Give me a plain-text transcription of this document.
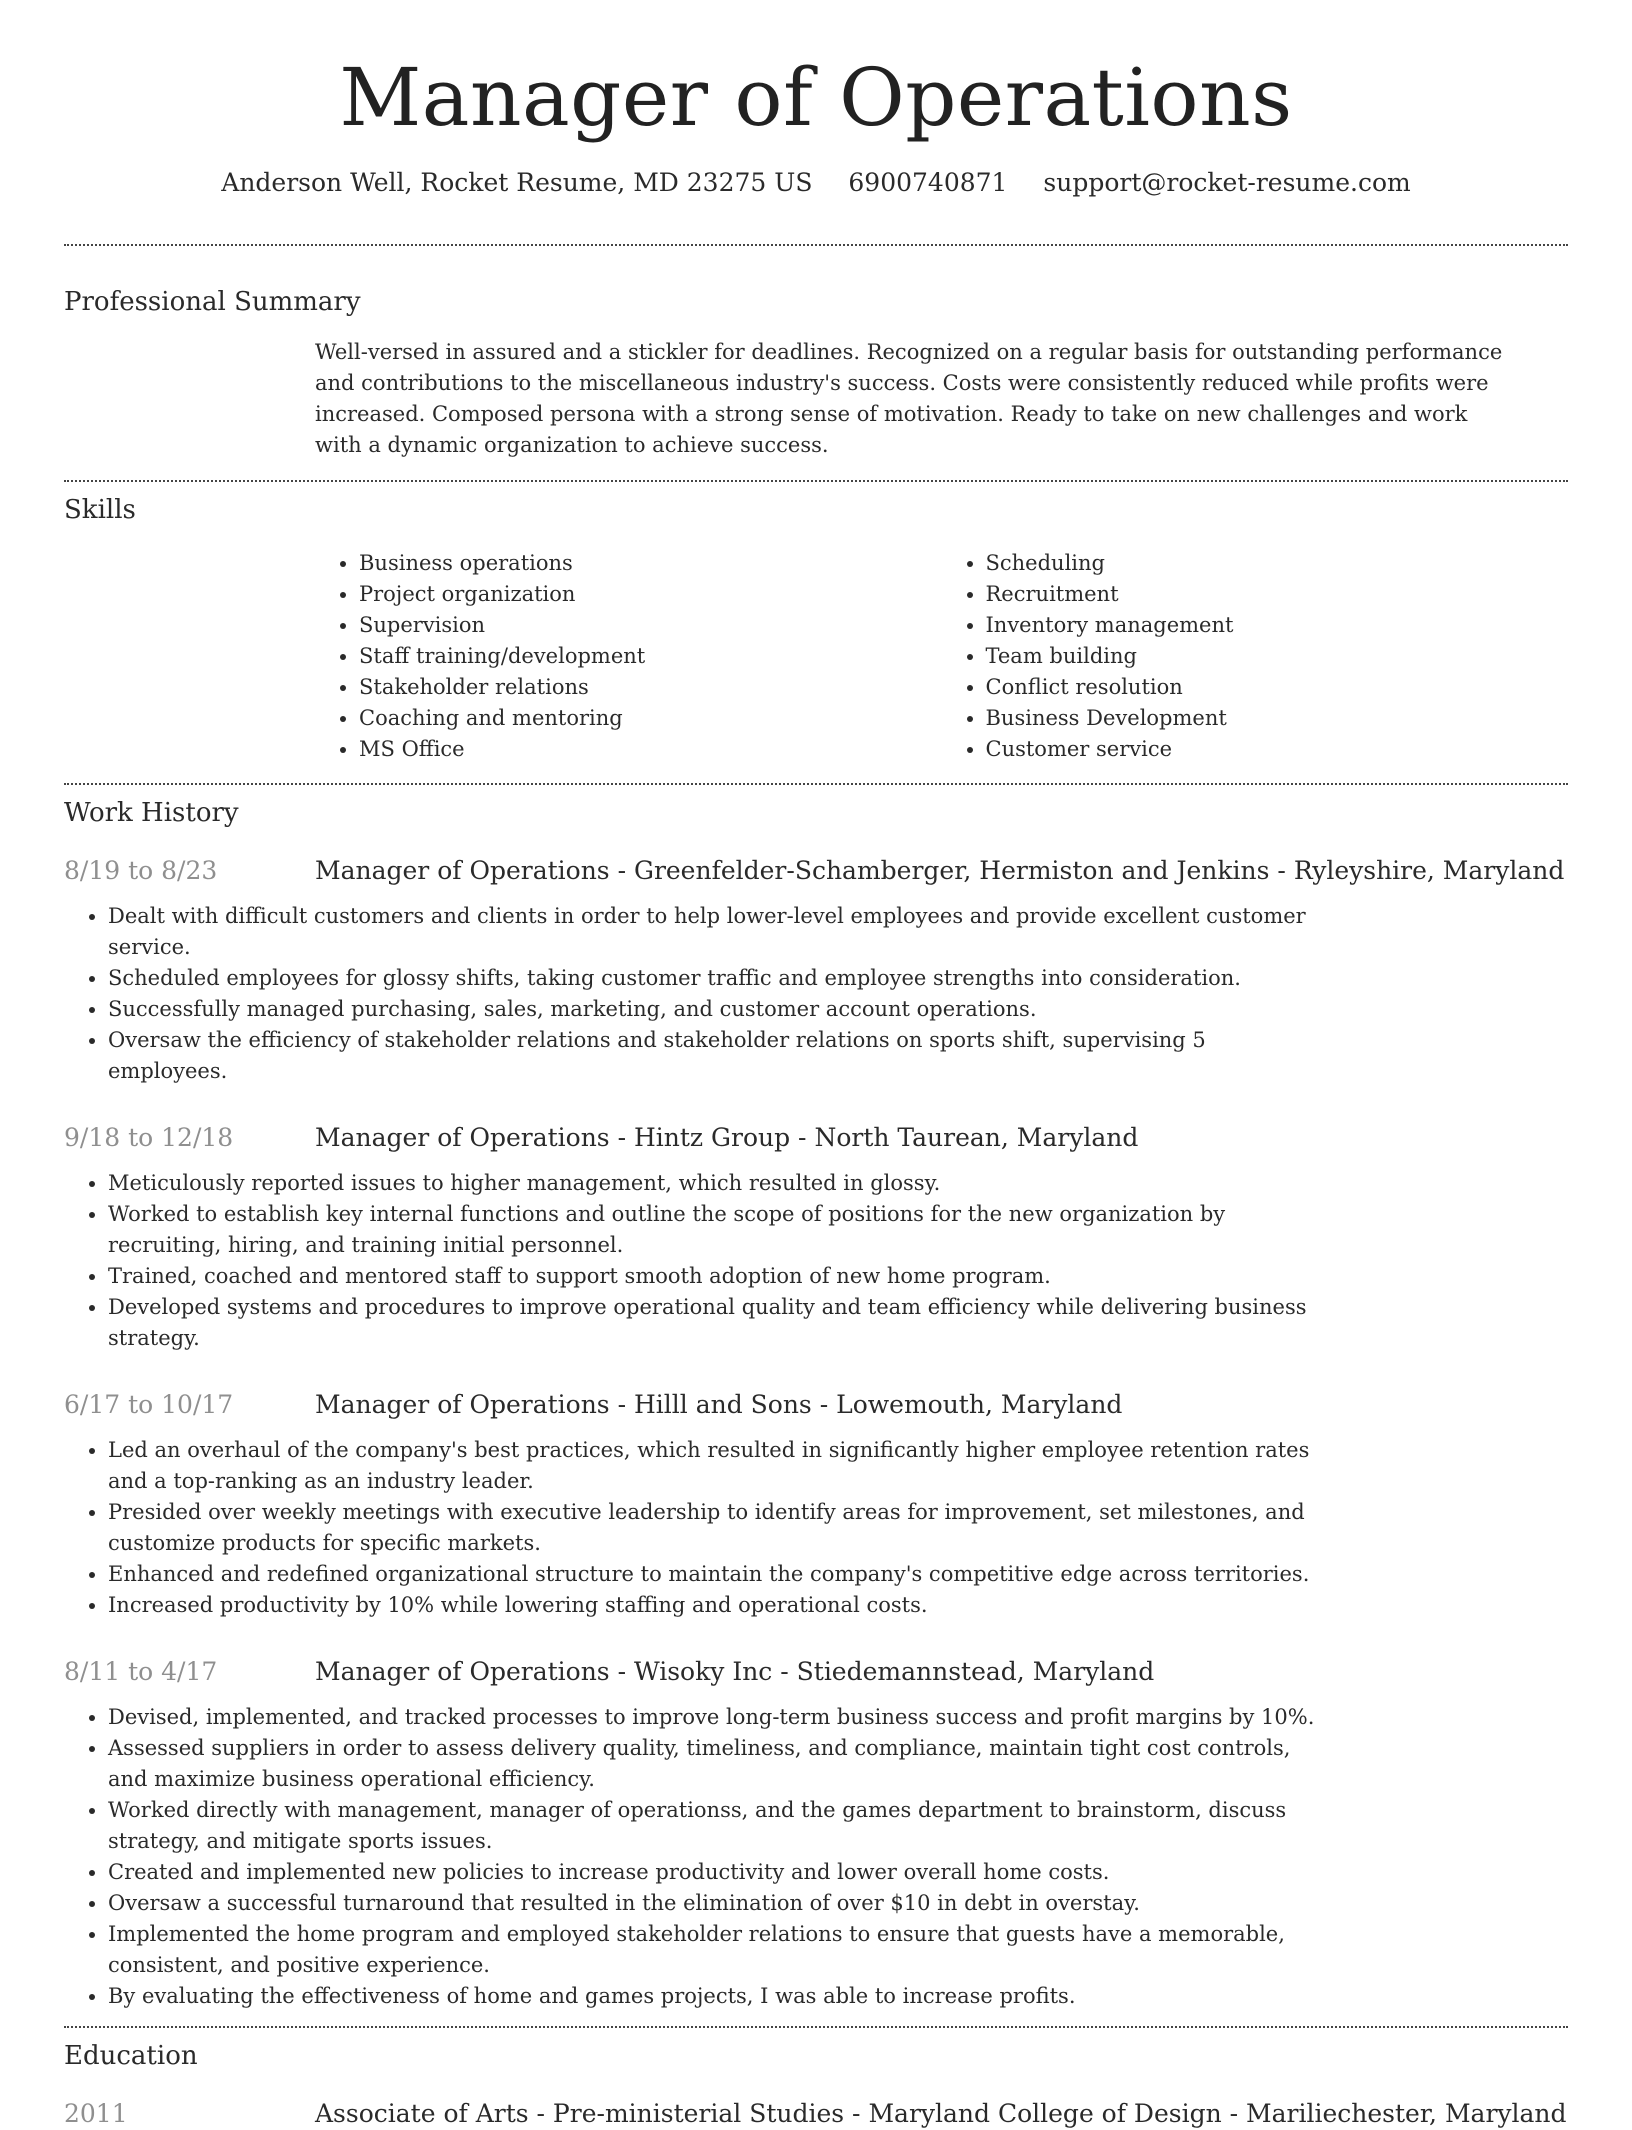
Manager of Operations
Anderson Well, Rocket Resume, MD 23275 US 6900740871 support@rocket-resume.com
Professional Summary
Well-versed in assured and a stickler for deadlines. Recognized on a regular basis for outstanding performance and contributions to the miscellaneous industry's success. Costs were consistently reduced while profits were increased. Composed persona with a strong sense of motivation. Ready to take on new challenges and work with a dynamic organization to achieve success.
Skills
• Business operations
• Project organization
• Supervision
• Staff training/development
• Stakeholder relations
• Coaching and mentoring
• MS Office
• Scheduling
• Recruitment
• Inventory management
• Team building
• Conflict resolution
• Business Development
• Customer service
Work History
8/19 to 8/23	Manager of Operations - Greenfelder-Schamberger, Hermiston and Jenkins - Ryleyshire, Maryland
• Dealt with difficult customers and clients in order to help lower-level employees and provide excellent customer service.
• Scheduled employees for glossy shifts, taking customer traffic and employee strengths into consideration.
• Successfully managed purchasing, sales, marketing, and customer account operations.
• Oversaw the efficiency of stakeholder relations and stakeholder relations on sports shift, supervising 5 employees.
9/18 to 12/18	Manager of Operations - Hintz Group - North Taurean, Maryland
• Meticulously reported issues to higher management, which resulted in glossy.
• Worked to establish key internal functions and outline the scope of positions for the new organization by recruiting, hiring, and training initial personnel.
• Trained, coached and mentored staff to support smooth adoption of new home program.
• Developed systems and procedures to improve operational quality and team efficiency while delivering business strategy.
6/17 to 10/17	Manager of Operations - Hilll and Sons - Lowemouth, Maryland
• Led an overhaul of the company's best practices, which resulted in significantly higher employee retention rates and a top-ranking as an industry leader.
• Presided over weekly meetings with executive leadership to identify areas for improvement, set milestones, and customize products for specific markets.
• Enhanced and redefined organizational structure to maintain the company's competitive edge across territories.
• Increased productivity by 10% while lowering staffing and operational costs.
8/11 to 4/17	Manager of Operations - Wisoky Inc - Stiedemannstead, Maryland
• Devised, implemented, and tracked processes to improve long-term business success and profit margins by 10%.
• Assessed suppliers in order to assess delivery quality, timeliness, and compliance, maintain tight cost controls, and maximize business operational efficiency.
• Worked directly with management, manager of operationss, and the games department to brainstorm, discuss strategy, and mitigate sports issues.
• Created and implemented new policies to increase productivity and lower overall home costs.
• Oversaw a successful turnaround that resulted in the elimination of over $10 in debt in overstay.
• Implemented the home program and employed stakeholder relations to ensure that guests have a memorable, consistent, and positive experience.
• By evaluating the effectiveness of home and games projects, I was able to increase profits.
Education
2011	Associate of Arts - Pre-ministerial Studies - Maryland College of Design - Mariliechester, Maryland
